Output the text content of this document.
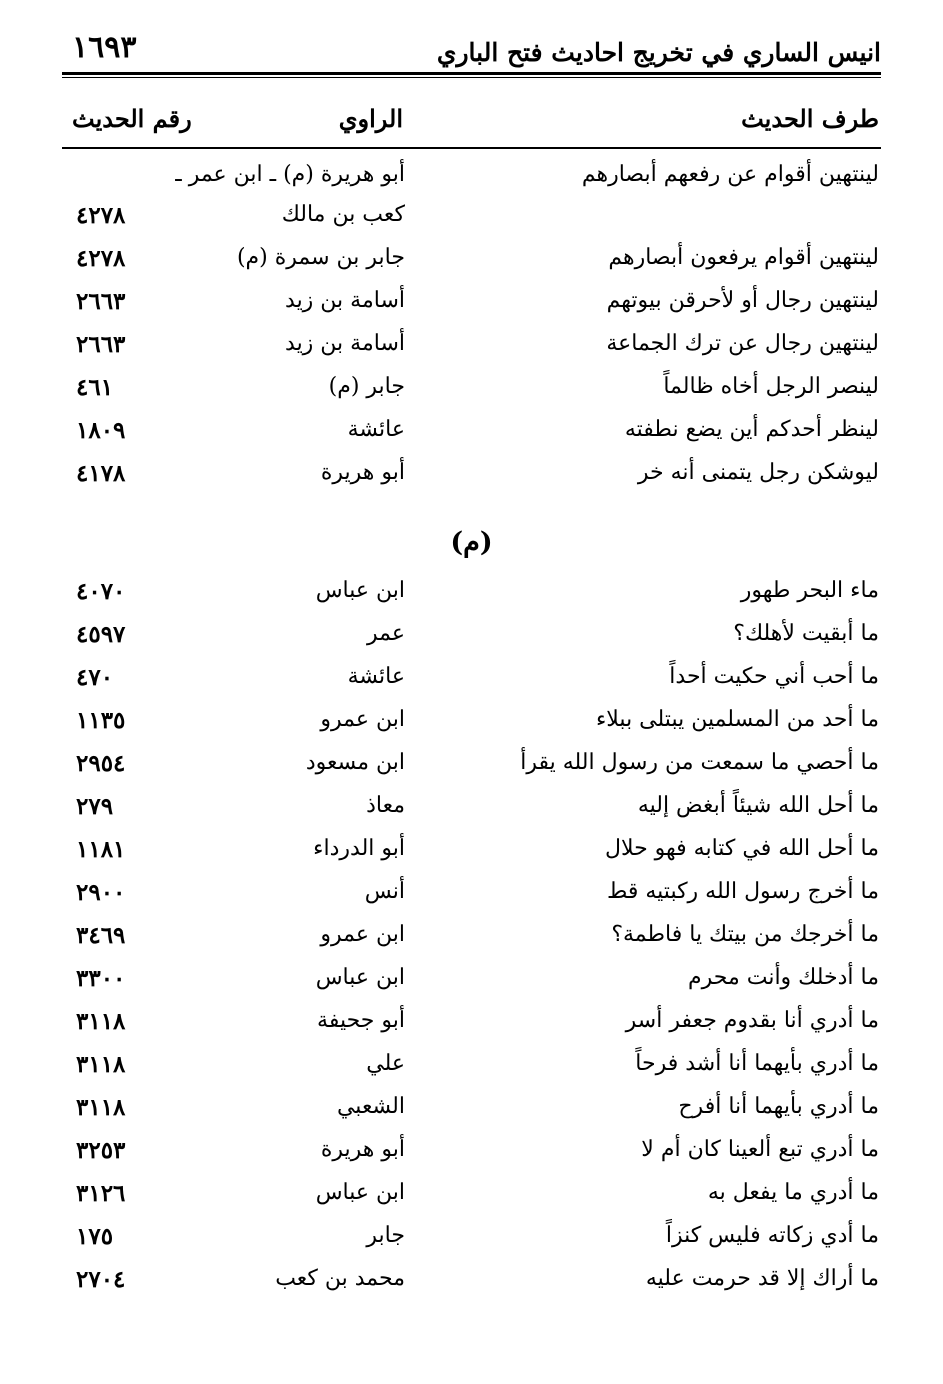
انيس الساري في تخريج احاديث فتح الباري
١٦٩٣
طرف الحديث
الراوي
رقم الحديث
لينتهين أقوام عن رفعهم أبصارهم
أبو هريرة (م) ـ ابن عمر ـ
كعب بن مالك
٤٢٧٨
لينتهين أقوام يرفعون أبصارهم
جابر بن سمرة (م)
٤٢٧٨
لينتهين رجال أو لأحرقن بيوتهم
أسامة بن زيد
٢٦٦٣
لينتهين رجال عن ترك الجماعة
أسامة بن زيد
٢٦٦٣
لينصر الرجل أخاه ظالماً
جابر (م)
٤٦١
لينظر أحدكم أين يضع نطفته
عائشة
١٨٠٩
ليوشكن رجل يتمنى أنه خر
أبو هريرة
٤١٧٨
(م)
ماء البحر طهور
ابن عباس
٤٠٧٠
ما أبقيت لأهلك؟
عمر
٤٥٩٧
ما أحب أني حكيت أحداً
عائشة
٤٧٠
ما أحد من المسلمين يبتلى ببلاء
ابن عمرو
١١٣٥
ما أحصي ما سمعت من رسول الله يقرأ
ابن مسعود
٢٩٥٤
ما أحل الله شيئاً أبغض إليه
معاذ
٢٧٩
ما أحل الله في كتابه فهو حلال
أبو الدرداء
١١٨١
ما أخرج رسول الله ركبتيه قط
أنس
٢٩٠٠
ما أخرجك من بيتك يا فاطمة؟
ابن عمرو
٣٤٦٩
ما أدخلك وأنت محرم
ابن عباس
٣٣٠٠
ما أدري أنا بقدوم جعفر أسر
أبو جحيفة
٣١١٨
ما أدري بأيهما أنا أشد فرحاً
علي
٣١١٨
ما أدري بأيهما أنا أفرح
الشعبي
٣١١٨
ما أدري تبع ألعينا كان أم لا
أبو هريرة
٣٢٥٣
ما أدري ما يفعل به
ابن عباس
٣١٢٦
ما أدي زكاته فليس كنزاً
جابر
١٧٥
ما أراك إلا قد حرمت عليه
محمد بن كعب
٢٧٠٤
